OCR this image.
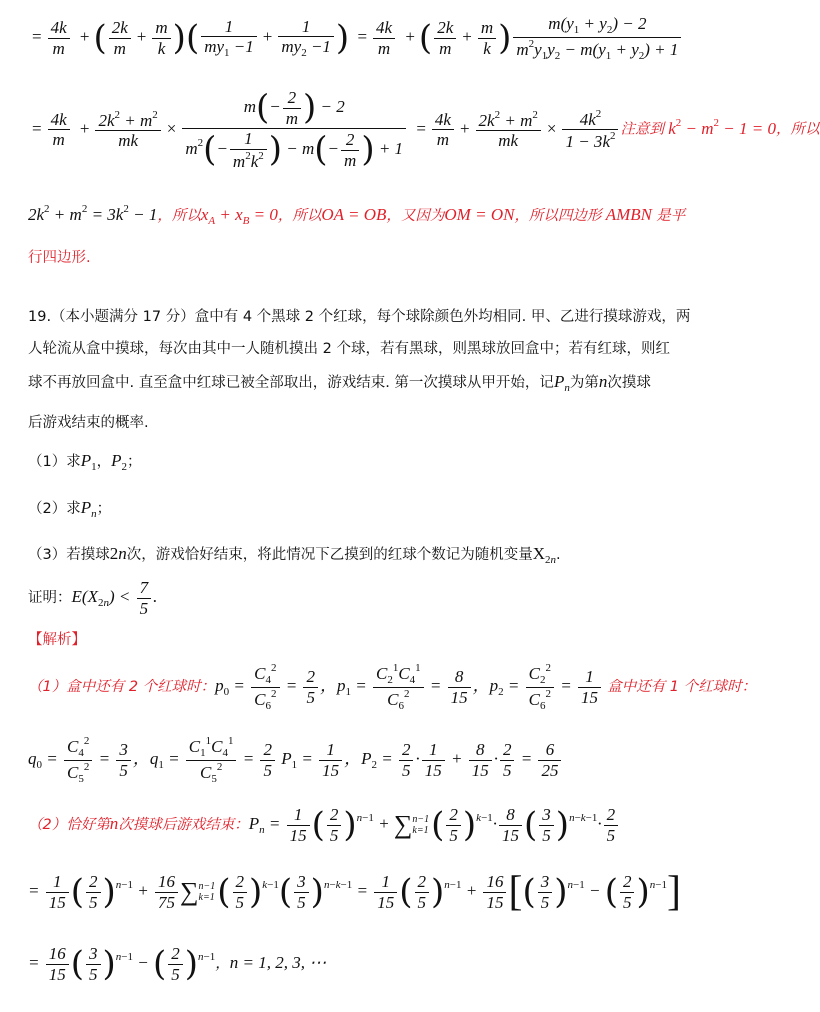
= $\frac{4k}{m}$ + ( $\frac{2k}{m} + \frac{m}{k}$ )( $\frac{1}{my_1 -1} + \frac{1}{my_2 -1}$ ) = $\frac{4k}{m}$ + ( $\frac{2k}{m} + \frac{m}{k}$ ) $\frac{m(y_1 + y_2) - 2}{m^2y_1y_2 - m(y_1 + y_2) + 1}$
= $\frac{4k}{m} + \frac{2k^2 + m^2}{mk} \times \frac{m(- \frac{2}{m} ) - 2}{m^2(- \frac{1}{m^2k^2} ) - m(- \frac{2}{m} ) + 1} = \frac{4k}{m} + \frac{2k^2 + m^2}{mk} \times \frac{4k^2}{1 - 3k^2}$ 注意到 $k^2 - m^2 - 1 = 0$，所以
$2k^2 + m^2 = 3k^2 - 1$，所以$x_A + x_B = 0$，所以OA = OB，又因为OM = ON，所以四边形 AMBN 是平
行四边形.
19.（本小题满分 17 分）盒中有 4 个黑球 2 个红球，每个球除颜色外均相同. 甲、乙进行摸球游戏，两
人轮流从盒中摸球，每次由其中一人随机摸出 2 个球，若有黑球，则黑球放回盒中；若有红球，则红
球不再放回盒中. 直至盒中红球已被全部取出，游戏结束. 第一次摸球从甲开始，记$P_n$为第n次摸球
后游戏结束的概率.
（1）求$P_1$，$P_2$；
（2）求$P_n$；
（3）若摸球2n次，游戏恰好结束，将此情况下乙摸到的红球个数记为随机变量$X_{2n}$.
证明：$E(X_{2n}) < \frac{7}{5}$ .
【解析】
（1）盒中还有 2 个红球时：$p_0 = \frac{C_4^2}{C_6^2} = \frac{2}{5}$ ，$p_1 = \frac{C_2^1C_4^1}{C_6^2} = \frac{8}{15}$ ，$p_2 = \frac{C_2^2}{C_6^2} = \frac{1}{15}$ 盒中还有 1 个红球时：
$q_0 = \frac{C_4^2}{C_5^2} = \frac{3}{5}$ ，$q_1 = \frac{C_1^1C_4^1}{C_5^2} = \frac{2}{5} P_1 = \frac{1}{15}$ ，$P_2 = \frac{2}{5} \cdot \frac{1}{15} + \frac{8}{15} \cdot \frac{2}{5} = \frac{6}{25}$
（2）恰好第n次摸球后游戏结束：$P_n = \frac{1}{15}$ ( $\frac{2}{5} )^{n-1} + \sum n-1$
$k=1( \frac{2}{5} )^{k-1}\cdot \frac{8}{15}$ ( $\frac{3}{5} )^{n-k-1}\cdot \frac{2}{5}$
= $\frac{1}{15}$ ( $\frac{2}{5} )^{n-1} + \frac{16}{75} \sum n-1$
$k=1( \frac{2}{5} )^{k-1}( \frac{3}{5} )^{n-k-1} = \frac{1}{15}$ ( $\frac{2}{5} )^{n-1} + \frac{16}{15}$ [( $\frac{3}{5} )^{n-1}$ − ( $\frac{2}{5} )^{n-1}$]
= $\frac{16}{15}$ ( $\frac{3}{5} )^{n-1}$ − ( $\frac{2}{5} )^{n-1}$，n = 1, 2, 3, ⋯
